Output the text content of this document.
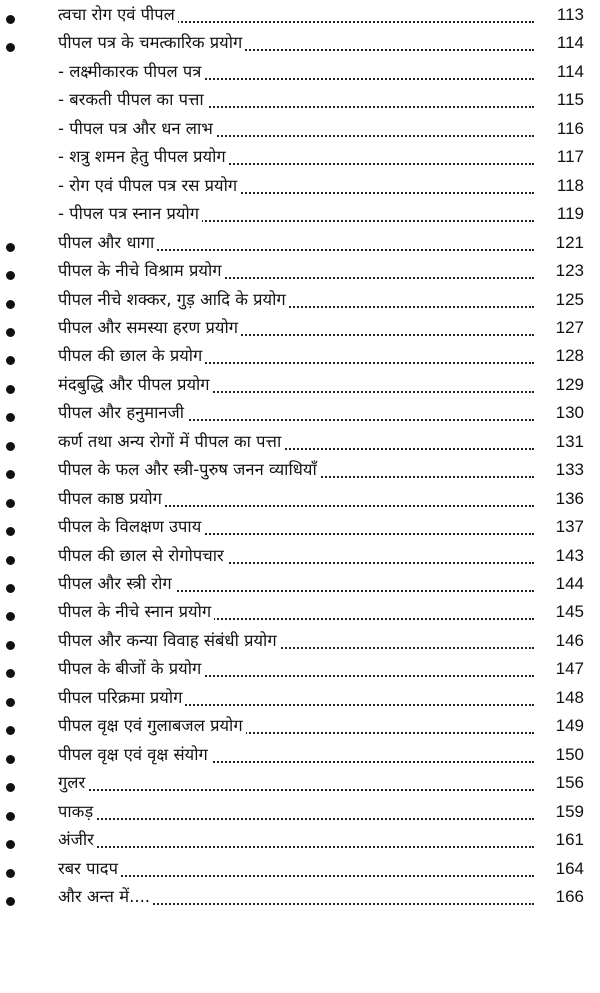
त्वचा रोग एवं पीपल	113
पीपल पत्र के चमत्कारिक प्रयोग	114
- लक्ष्मीकारक पीपल पत्र	114
- बरकती पीपल का पत्ता	115
- पीपल पत्र और धन लाभ	116
- शत्रु शमन हेतु पीपल प्रयोग	117
- रोग एवं पीपल पत्र रस प्रयोग	118
- पीपल पत्र स्नान प्रयोग	119
पीपल और धागा	121
पीपल के नीचे विश्राम प्रयोग	123
पीपल नीचे शक्कर, गुड़ आदि के प्रयोग	125
पीपल और समस्या हरण प्रयोग	127
पीपल की छाल के प्रयोग	128
मंदबुद्धि और पीपल प्रयोग	129
पीपल और हनुमानजी	130
कर्ण तथा अन्य रोगों में पीपल का पत्ता	131
पीपल के फल और स्त्री-पुरुष जनन व्याधियाँ	133
पीपल काष्ठ प्रयोग	136
पीपल के विलक्षण उपाय	137
पीपल की छाल से रोगोपचार	143
पीपल और स्त्री रोग	144
पीपल के नीचे स्नान प्रयोग	145
पीपल और कन्या विवाह संबंधी प्रयोग	146
पीपल के बीजों के प्रयोग	147
पीपल परिक्रमा प्रयोग	148
पीपल वृक्ष एवं गुलाबजल प्रयोग	149
पीपल वृक्ष एवं वृक्ष संयोग	150
गुलर	156
पाकड़	159
अंजीर	161
रबर पादप	164
और अन्त में....	166
